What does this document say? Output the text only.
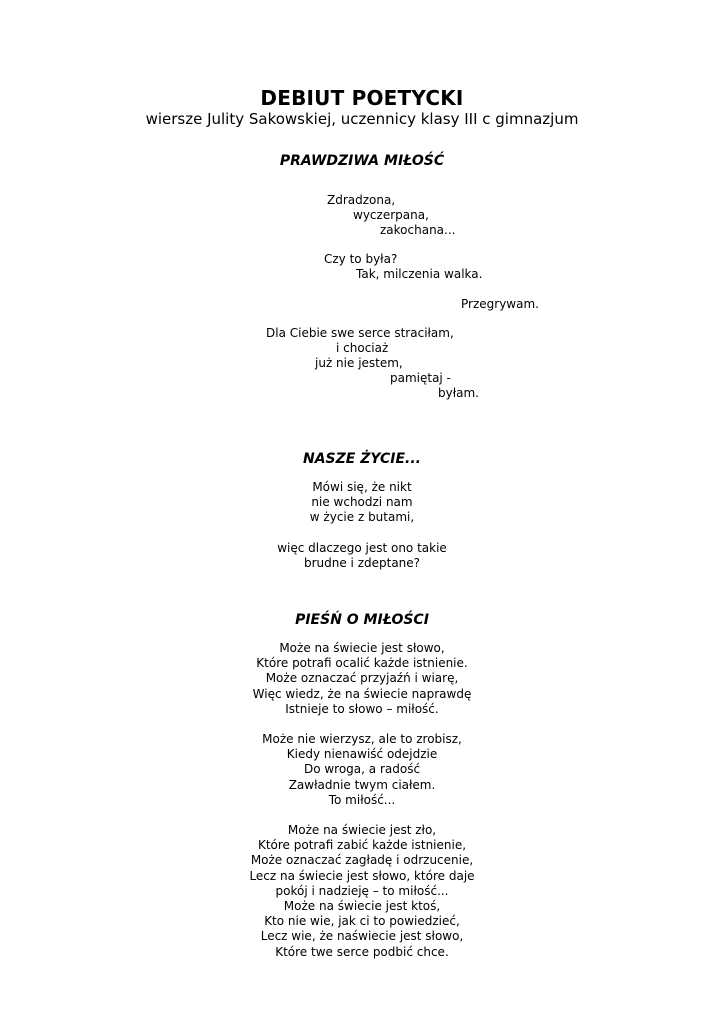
DEBIUT POETYCKI
wiersze Julity Sakowskiej, uczennicy klasy III c gimnazjum
PRAWDZIWA MIŁOŚĆ
Zdradzona,
wyczerpana,
zakochana...
Czy to była?
Tak, milczenia walka.
Przegrywam.
Dla Ciebie swe serce straciłam,
i chociaż
już nie jestem,
pamiętaj -
byłam.
NASZE ŻYCIE...
Mówi się, że nikt
nie wchodzi nam
w życie z butami,
więc dlaczego jest ono takie
brudne i zdeptane?
PIEŚŃ O MIŁOŚCI
Może na świecie jest słowo,
Które potrafi ocalić każde istnienie.
Może oznaczać przyjaźń i wiarę,
Więc wiedz, że na świecie naprawdę
Istnieje to słowo – miłość.
Może nie wierzysz, ale to zrobisz,
Kiedy nienawiść odejdzie
Do wroga, a radość
Zawładnie twym ciałem.
To miłość...
Może na świecie jest zło,
Które potrafi zabić każde istnienie,
Może oznaczać zagładę i odrzucenie,
Lecz na świecie jest słowo, które daje
pokój i nadzieję – to miłość...
Może na świecie jest ktoś,
Kto nie wie, jak ci to powiedzieć,
Lecz wie, że naświecie jest słowo,
Które twe serce podbić chce.
